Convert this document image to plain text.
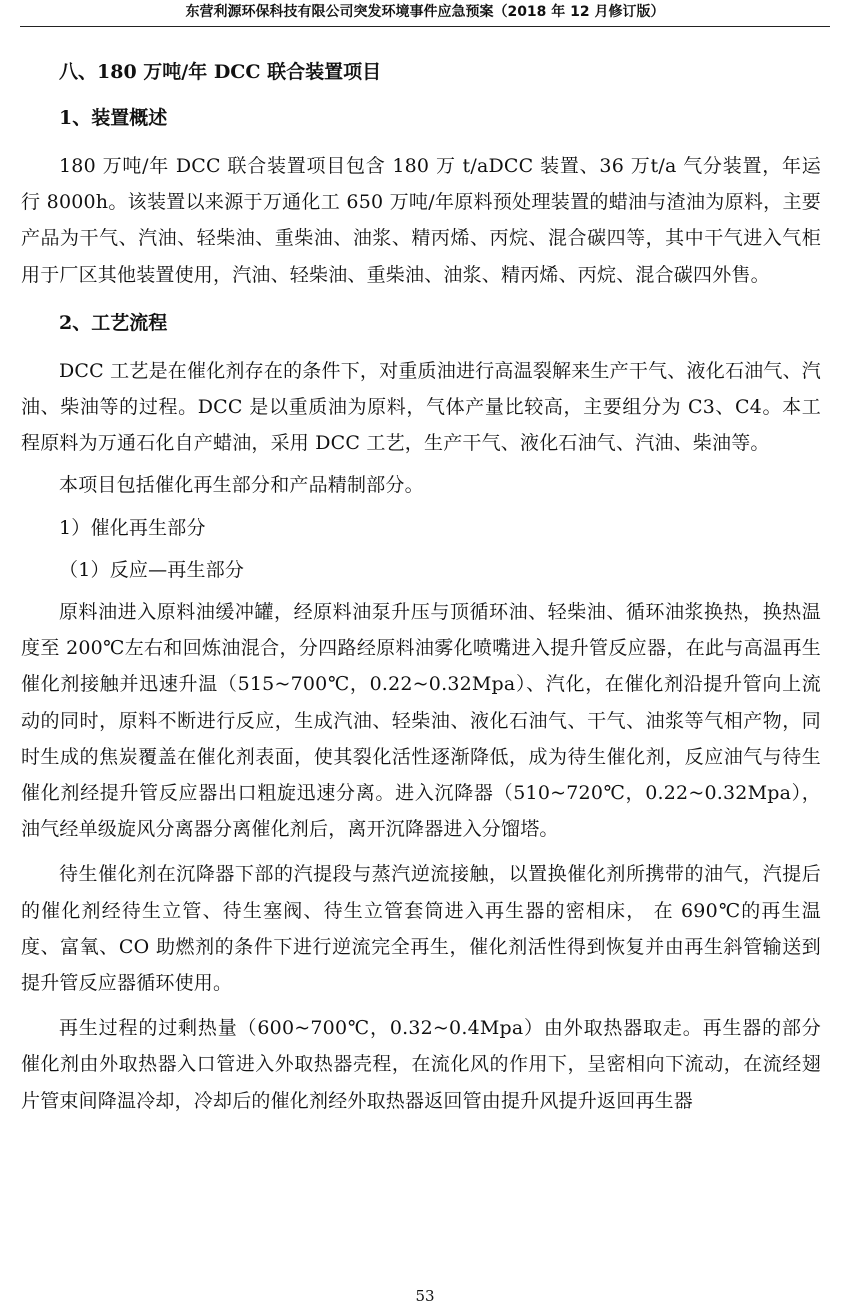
东营利源环保科技有限公司突发环境事件应急预案（2018 年 12 月修订版）
八、180 万吨/年 DCC 联合装置项目
1、装置概述

180 万吨/年 DCC 联合装置项目包含 180 万 t/aDCC 装置、36 万t/a 气分装置，年运行 8000h。该装置以来源于万通化工 650 万吨/年原料预处理装置的蜡油与渣油为原料，主要产品为干气、汽油、轻柴油、重柴油、油浆、精丙烯、丙烷、混合碳四等，其中干气进入气柜用于厂区其他装置使用，汽油、轻柴油、重柴油、油浆、精丙烯、丙烷、混合碳四外售。

2、工艺流程

DCC 工艺是在催化剂存在的条件下，对重质油进行高温裂解来生产干气、液化石油气、汽油、柴油等的过程。DCC 是以重质油为原料，气体产量比较高，主要组分为 C3、C4。本工程原料为万通石化自产蜡油，采用 DCC 工艺，生产干气、液化石油气、汽油、柴油等。

本项目包括催化再生部分和产品精制部分。

1）催化再生部分

（1）反应—再生部分

原料油进入原料油缓冲罐，经原料油泵升压与顶循环油、轻柴油、循环油浆换热，换热温度至 200℃左右和回炼油混合，分四路经原料油雾化喷嘴进入提升管反应器，在此与高温再生催化剂接触并迅速升温（515~700℃，0.22~0.32Mpa）、汽化，在催化剂沿提升管向上流动的同时，原料不断进行反应，生成汽油、轻柴油、液化石油气、干气、油浆等气相产物，同时生成的焦炭覆盖在催化剂表面，使其裂化活性逐渐降低，成为待生催化剂，反应油气与待生催化剂经提升管反应器出口粗旋迅速分离。进入沉降器（510~720℃，0.22~0.32Mpa），油气经单级旋风分离器分离催化剂后，离开沉降器进入分馏塔。

待生催化剂在沉降器下部的汽提段与蒸汽逆流接触，以置换催化剂所携带的油气，汽提后的催化剂经待生立管、待生塞阀、待生立管套筒进入再生器的密相床， 在 690℃的再生温度、富氧、CO 助燃剂的条件下进行逆流完全再生，催化剂活性得到恢复并由再生斜管输送到提升管反应器循环使用。

再生过程的过剩热量（600~700℃，0.32~0.4Mpa）由外取热器取走。再生器的部分催化剂由外取热器入口管进入外取热器壳程，在流化风的作用下，呈密相向下流动，在流经翅片管束间降温冷却，冷却后的催化剂经外取热器返回管由提升风提升返回再生器

53
